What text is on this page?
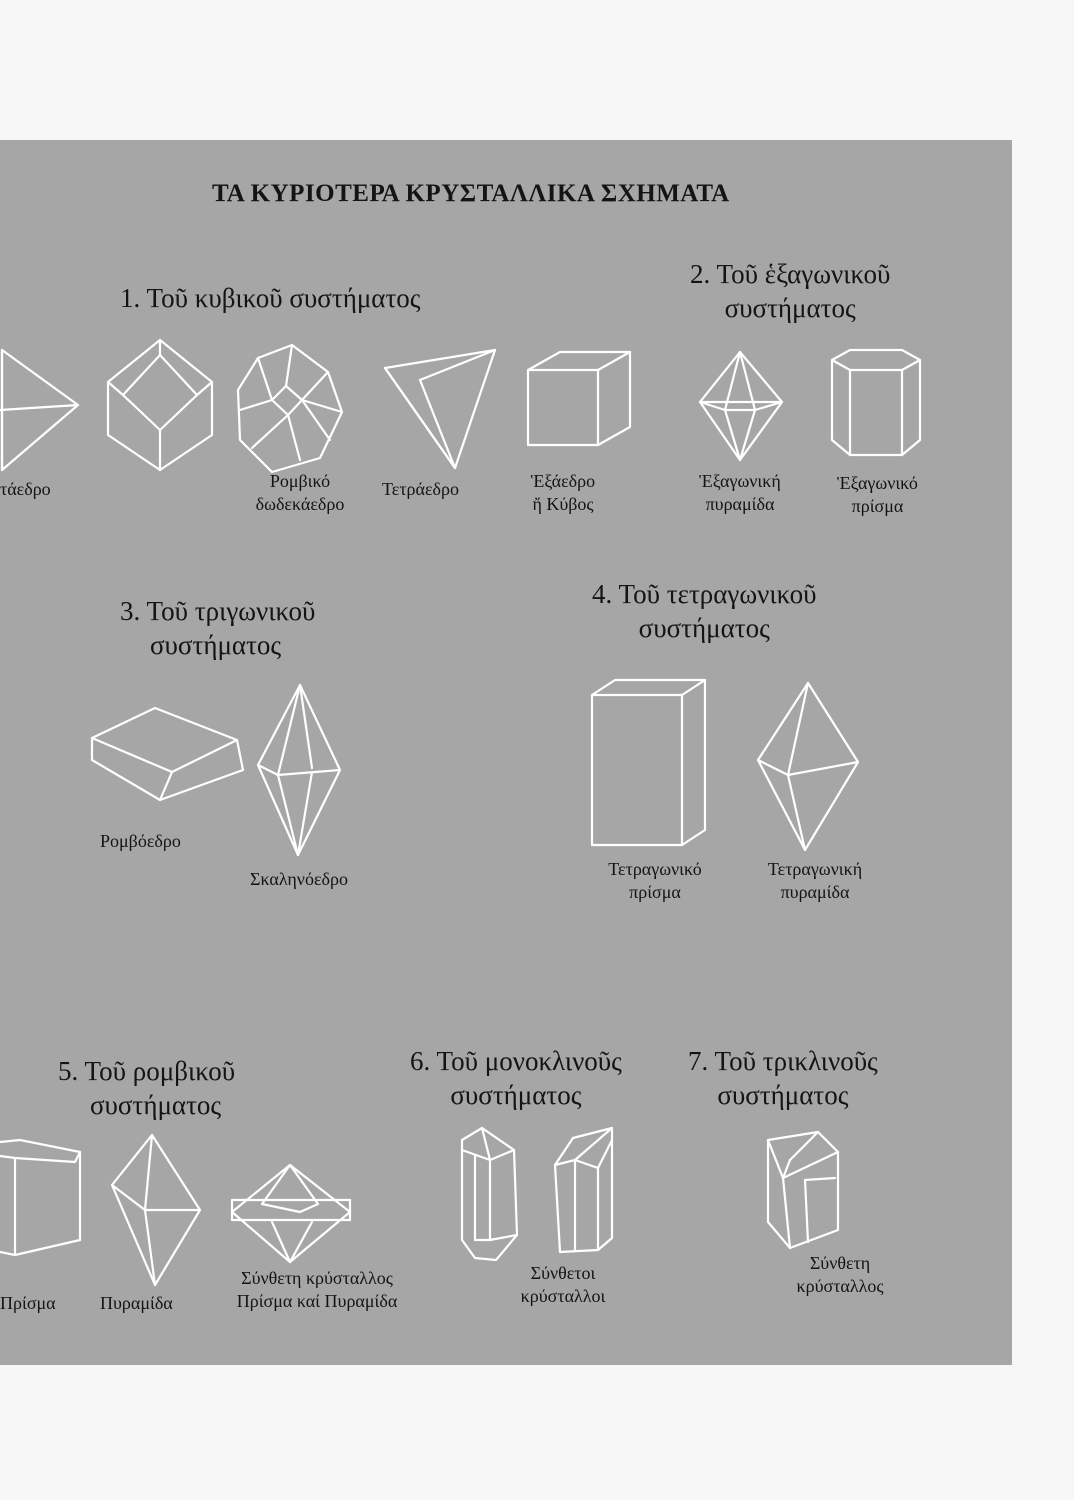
ΤΑ ΚΥΡΙΟΤΕΡΑ ΚΡΥΣΤΑΛΛΙΚΑ ΣΧΗΜΑΤΑ
1. Τοῦ κυβικοῦ συστήματος
2. Τοῦ ἑξαγωνικοῦ
συστήματος
3. Τοῦ τριγωνικοῦ
συστήματος
4. Τοῦ τετραγωνικοῦ
συστήματος
5. Τοῦ ρομβικοῦ
συστήματος
6. Τοῦ μονοκλινοῦς
συστήματος
7. Τοῦ τρικλινοῦς
συστήματος
τάεδρο	Ρομβικό
δωδεκάεδρο
Τετράεδρο	Ἑξάεδρο
ἤ Κύβος
Ἑξαγωνική
πυραμίδα
Ἑξαγωνικό
πρίσμα
Ρομβόεδρο
Σκαληνόεδρο	Τετραγωνικό
πρίσμα
Τετραγωνική
πυραμίδα
Πρίσμα Πυραμίδα
Σύνθετη κρύσταλλος
Πρίσμα καί Πυραμίδα
Σύνθετοι
κρύσταλλοι
Σύνθετη
κρύσταλλος
